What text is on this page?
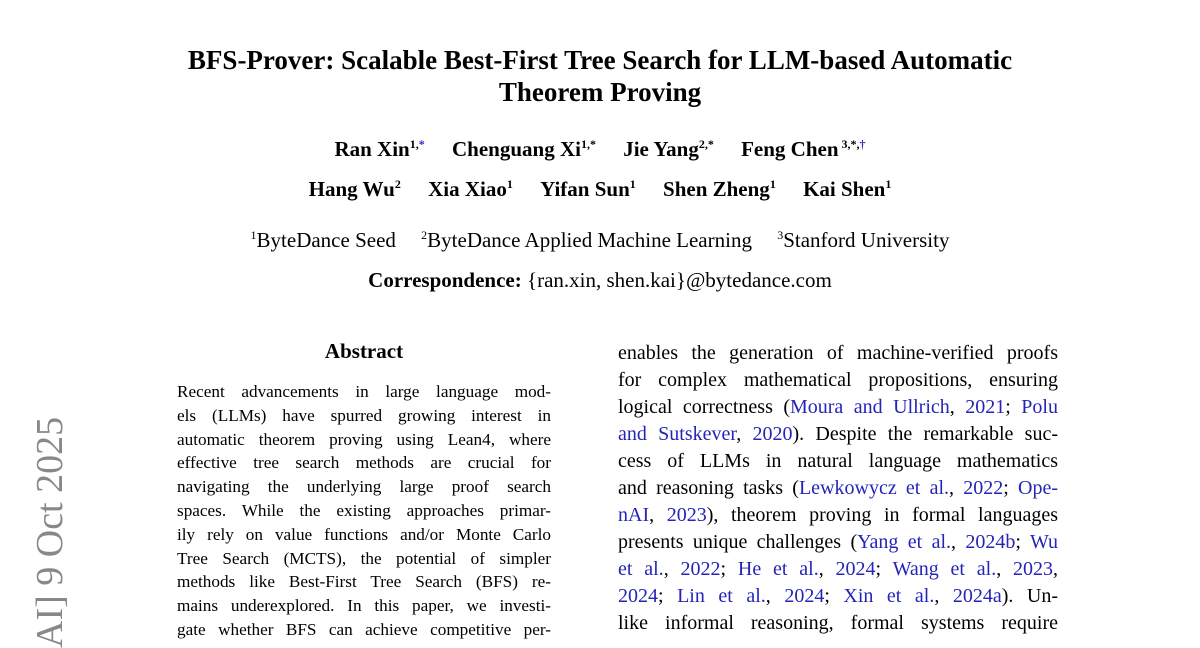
BFS-Prover: Scalable Best-First Tree Search for LLM-based Automatic
Theorem Proving
Ran Xin$^{1,*}$ Chenguang $Xi^{1,*}$ Jie Yang$^{2,*}$ Feng Chen $^{3,*,\dagger}$
Hang Wu$^2$ Xia Xiao$^1$ Yifan Sun$^1$ Shen Zheng$^1$ Kai Shen$^1$
$^1$ByteDance Seed $^2$ByteDance Applied Machine Learning $^3$Stanford University
Correspondence: {ran.xin, shen.kai}@bytedance.com
AI] 9 Oct 2025
Abstract
Recent advancements in large language mod-
els (LLMs) have spurred growing interest in
automatic theorem proving using Lean4, where
effective tree search methods are crucial for
navigating the underlying large proof search
spaces. While the existing approaches primar-
ily rely on value functions and/or Monte Carlo
Tree Search (MCTS), the potential of simpler
methods like Best-First Tree Search (BFS) re-
mains underexplored. In this paper, we investi-
gate whether BFS can achieve competitive per-
enables the generation of machine-verified proofs
for complex mathematical propositions, ensuring
logical correctness (Moura and Ullrich, 2021; Polu
and Sutskever, 2020). Despite the remarkable suc-
cess of LLMs in natural language mathematics
and reasoning tasks (Lewkowycz et al., 2022; Ope-
nAI, 2023), theorem proving in formal languages
presents unique challenges (Yang et al., 2024b; Wu
et al., 2022; He et al., 2024; Wang et al., 2023,
2024; Lin et al., 2024; Xin et al., 2024a). Un-
like informal reasoning, formal systems require
